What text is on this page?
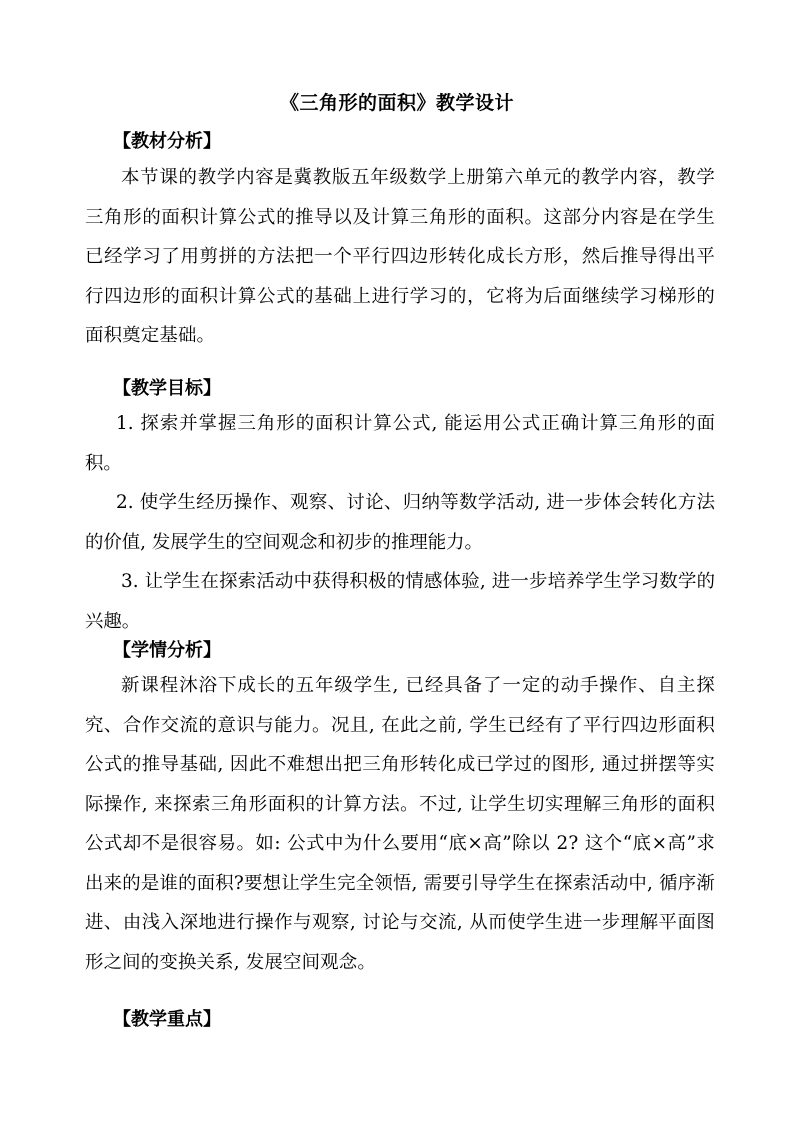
《三角形的面积》教学设计
【教材分析】
本节课的教学内容是冀教版五年级数学上册第六单元的教学内容，教学三角形的面积计算公式的推导以及计算三角形的面积。这部分内容是在学生已经学习了用剪拼的方法把一个平行四边形转化成长方形，然后推导得出平行四边形的面积计算公式的基础上进行学习的，它将为后面继续学习梯形的面积奠定基础。
【教学目标】
1. 探索并掌握三角形的面积计算公式, 能运用公式正确计算三角形的面积。
2. 使学生经历操作、观察、讨论、归纳等数学活动, 进一步体会转化方法的价值, 发展学生的空间观念和初步的推理能力。
3. 让学生在探索活动中获得积极的情感体验, 进一步培养学生学习数学的兴趣。
【学情分析】
新课程沐浴下成长的五年级学生, 已经具备了一定的动手操作、自主探究、合作交流的意识与能力。况且, 在此之前, 学生已经有了平行四边形面积公式的推导基础, 因此不难想出把三角形转化成已学过的图形, 通过拼摆等实际操作, 来探索三角形面积的计算方法。不过, 让学生切实理解三角形的面积公式却不是很容易。如: 公式中为什么要用“底×高”除以 2? 这个“底×高”求出来的是谁的面积?要想让学生完全领悟, 需要引导学生在探索活动中, 循序渐进、由浅入深地进行操作与观察, 讨论与交流, 从而使学生进一步理解平面图形之间的变换关系, 发展空间观念。
【教学重点】
